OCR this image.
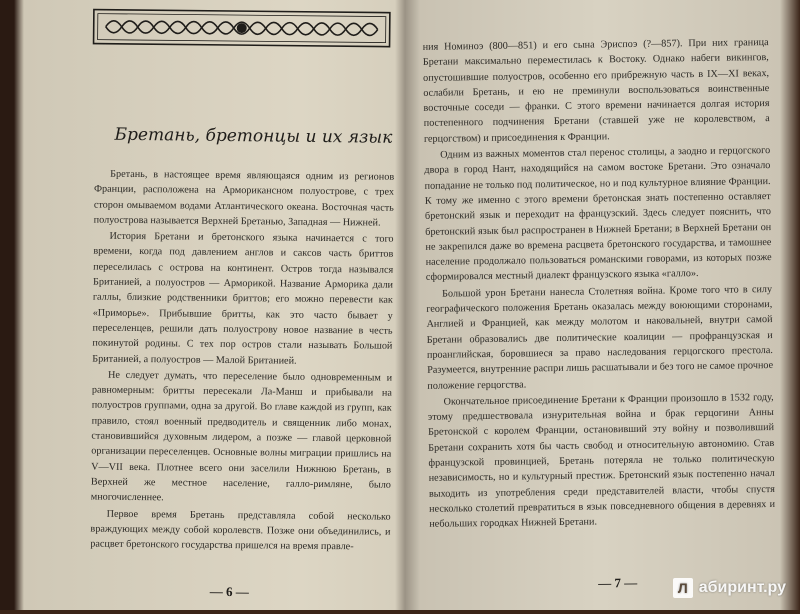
Бретань, бретонцы и их язык

Бретань, в настоящее время являющаяся одним из регионов Франции, расположена на Арморикансном полуострове, с трех сторон омываемом водами Атлантического океана. Восточная часть полуострова называется Верхней Бретанью, Западная — Нижней.

История Бретани и бретонского языка начинается с того времени, когда под давлением англов и саксов часть бриттов переселилась с острова на континент. Остров тогда назывался Британией, а полуостров — Арморикой. Название Арморика дали галлы, близкие родственники бриттов; его можно перевести как «Приморье». Прибывшие бритты, как это часто бывает у переселенцев, решили дать полуострову новое название в честь покинутой родины. С тех пор остров стали называть Большой Британией, а полуостров — Малой Британией.

Не следует думать, что переселение было одновременным и равномерным: бритты пересекали Ла-Манш и прибывали на полуостров группами, одна за другой. Во главе каждой из групп, как правило, стоял военный предводитель и священник либо монах, становившийся духовным лидером, а позже — главой церковной организации переселенцев. Основные волны миграции пришлись на V—VII века. Плотнее всего они заселили Нижнюю Бретань, в Верхней же местное население, галло-римляне, было многочисленнее.

Первое время Бретань представляла собой несколько враждующих между собой королевств. Позже они объединились, и расцвет бретонского государства пришелся на время правле-

— 6 —

ния Номиноэ (800—851) и его сына Эриспоэ (?—857). При них граница Бретани максимально переместилась к Востоку. Однако набеги викингов, опустошившие полуостров, особенно его прибрежную часть в IX—XI веках, ослабили Бретань, и ею не преминули воспользоваться воинственные восточные соседи — франки. С этого времени начинается долгая история постепенного подчинения Бретани (ставшей уже не королевством, а герцогством) и присоединения к Франции.

Одним из важных моментов стал перенос столицы, а заодно и герцогского двора в город Нант, находящийся на самом востоке Бретани. Это означало попадание не только под политическое, но и под культурное влияние Франции. К тому же именно с этого времени бретонская знать постепенно оставляет бретонский язык и переходит на французский. Здесь следует пояснить, что бретонский язык был распространен в Нижней Бретани; в Верхней Бретани он не закрепился даже во времена расцвета бретонского государства, и тамошнее население продолжало пользоваться романскими говорами, из которых позже сформировался местный диалект французского языка «галло».

Большой урон Бретани нанесла Столетняя война. Кроме того что в силу географического положения Бретань оказалась между воюющими сторонами, Англией и Францией, как между молотом и наковальней, внутри самой Бретани образовались две политические коалиции — профранцузская и проанглийская, боровшиеся за право наследования герцогского престола. Разумеется, внутренние распри лишь расшатывали и без того не самое прочное положение герцогства.

Окончательное присоединение Бретани к Франции произошло в 1532 году, этому предшествовала изнурительная война и брак герцогини Анны Бретонской с королем Франции, остановивший эту войну и позволивший Бретани сохранить хотя бы часть свобод и относительную автономию. Став французской провинцией, Бретань потеряла не только политическую независимость, но и культурный престиж. Бретонский язык постепенно начал выходить из употребления среди представителей власти, чтобы спустя несколько столетий превратиться в язык повседневного общения в деревнях и небольших городках Нижней Бретани.

— 7 —	Л абиринт.ру
